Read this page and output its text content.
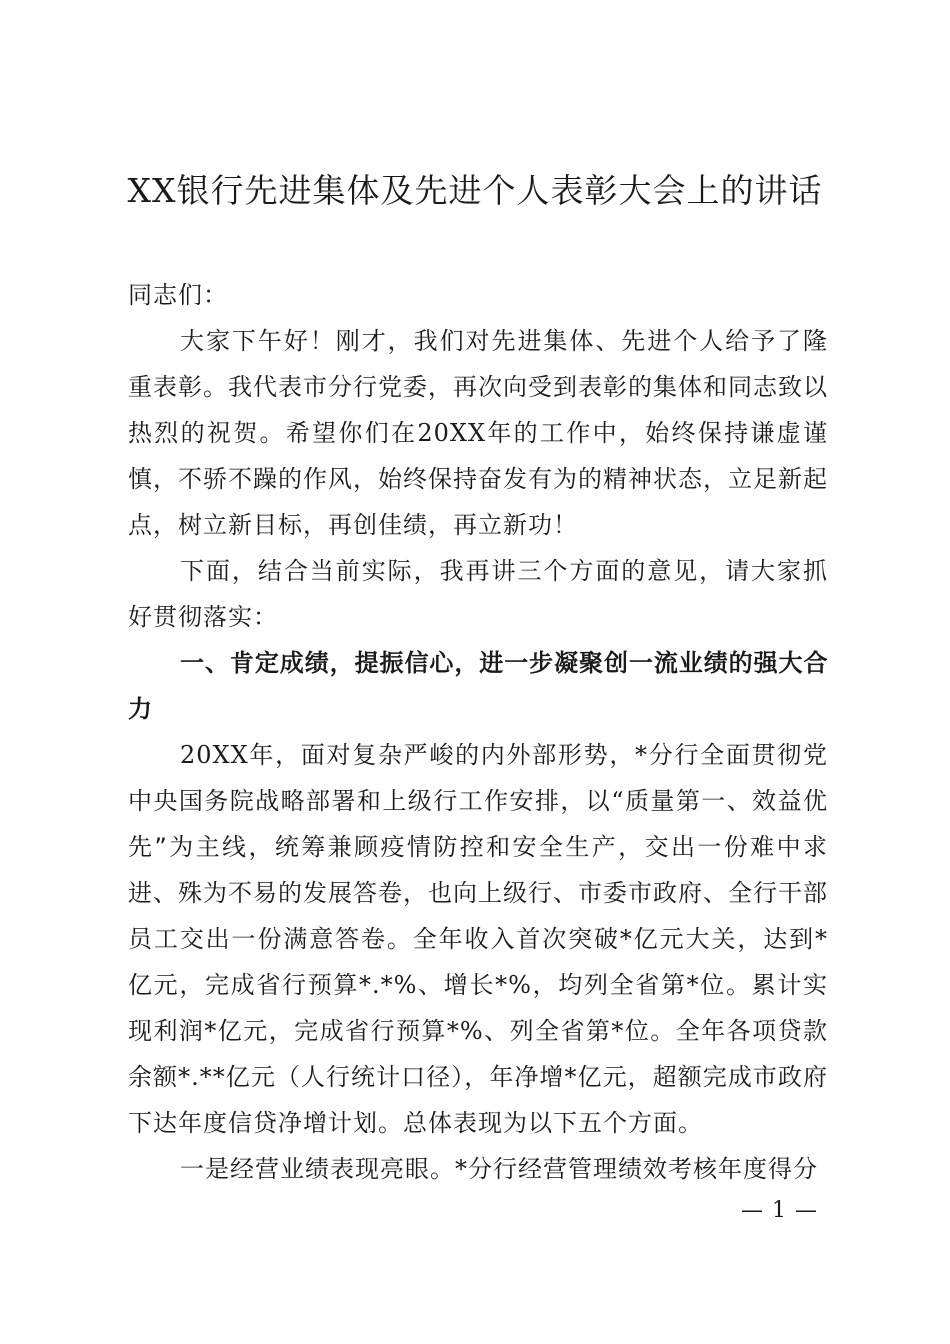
XX银行先进集体及先进个人表彰大会上的讲话

同志们：

大家下午好！刚才，我们对先进集体、先进个人给予了隆重表彰。我代表市分行党委，再次向受到表彰的集体和同志致以热烈的祝贺。希望你们在20XX年的工作中，始终保持谦虚谨慎，不骄不躁的作风，始终保持奋发有为的精神状态，立足新起点，树立新目标，再创佳绩，再立新功！

下面，结合当前实际，我再讲三个方面的意见，请大家抓好贯彻落实：

一、肯定成绩，提振信心，进一步凝聚创一流业绩的强大合力

20XX年，面对复杂严峻的内外部形势，*分行全面贯彻党中央国务院战略部署和上级行工作安排，以“质量第一、效益优先”为主线，统筹兼顾疫情防控和安全生产，交出一份难中求进、殊为不易的发展答卷，也向上级行、市委市政府、全行干部员工交出一份满意答卷。全年收入首次突破*亿元大关，达到*亿元，完成省行预算*.*%、增长*%，均列全省第*位。累计实现利润*亿元，完成省行预算*%、列全省第*位。全年各项贷款余额*.**亿元（人行统计口径），年净增*亿元，超额完成市政府下达年度信贷净增计划。总体表现为以下五个方面。

一是经营业绩表现亮眼。*分行经营管理绩效考核年度得分

— 1 —
